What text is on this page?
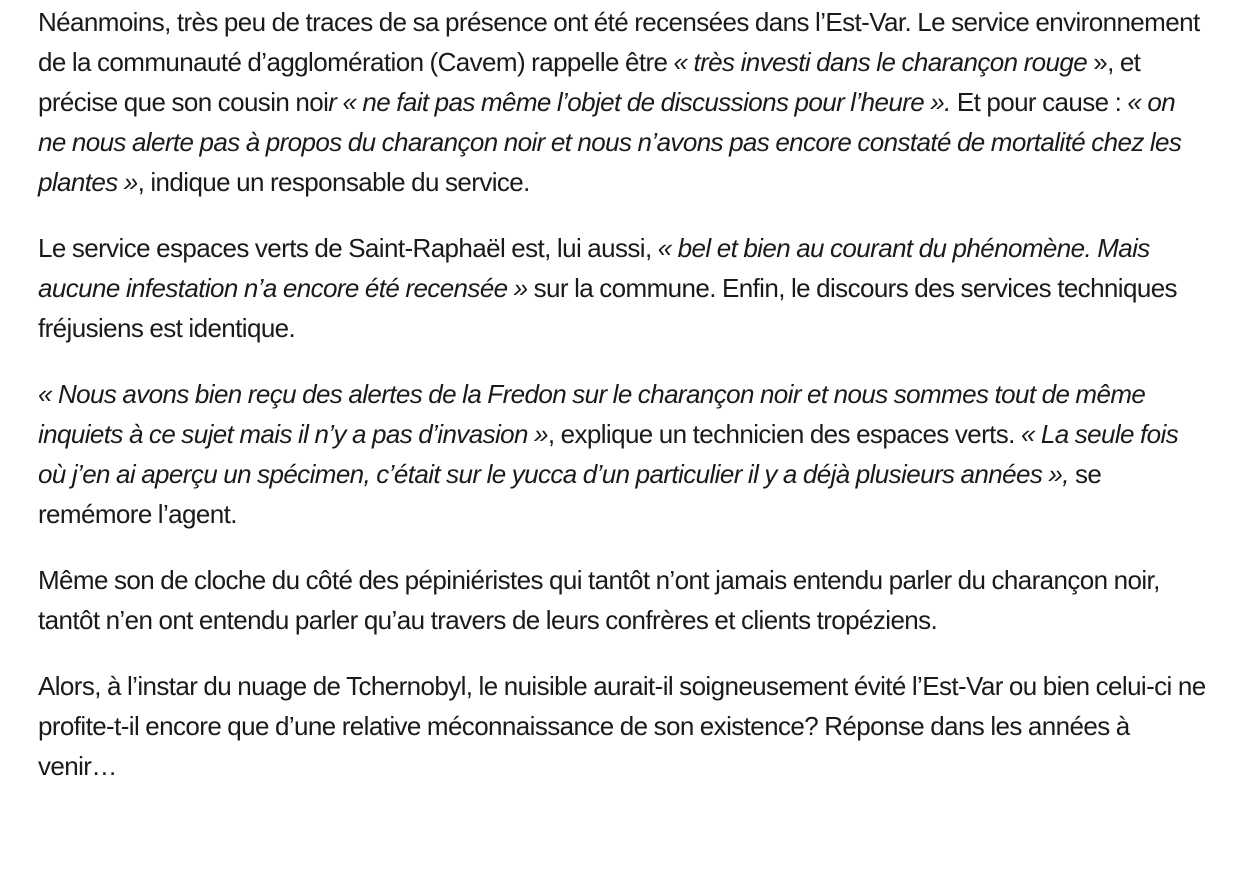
Néanmoins, très peu de traces de sa présence ont été recensées dans l’Est-Var. Le service environnement de la communauté d’agglomération (Cavem) rappelle être « très investi dans le charançon rouge », et précise que son cousin noir « ne fait pas même l’objet de discussions pour l’heure ». Et pour cause : « on ne nous alerte pas à propos du charançon noir et nous n’avons pas encore constaté de mortalité chez les plantes », indique un responsable du service.

Le service espaces verts de Saint-Raphaël est, lui aussi, « bel et bien au courant du phénomène. Mais aucune infestation n’a encore été recensée » sur la commune. Enfin, le discours des services techniques fréjusiens est identique.

« Nous avons bien reçu des alertes de la Fredon sur le charançon noir et nous sommes tout de même inquiets à ce sujet mais il n’y a pas d’invasion », explique un technicien des espaces verts. « La seule fois où j’en ai aperçu un spécimen, c’était sur le yucca d’un particulier il y a déjà plusieurs années », se remémore l’agent.

Même son de cloche du côté des pépiniéristes qui tantôt n’ont jamais entendu parler du charançon noir, tantôt n’en ont entendu parler qu’au travers de leurs confrères et clients tropéziens.

Alors, à l’instar du nuage de Tchernobyl, le nuisible aurait-il soigneusement évité l’Est-Var ou bien celui-ci ne profite-t-il encore que d’une relative méconnaissance de son existence? Réponse dans les années à venir…
